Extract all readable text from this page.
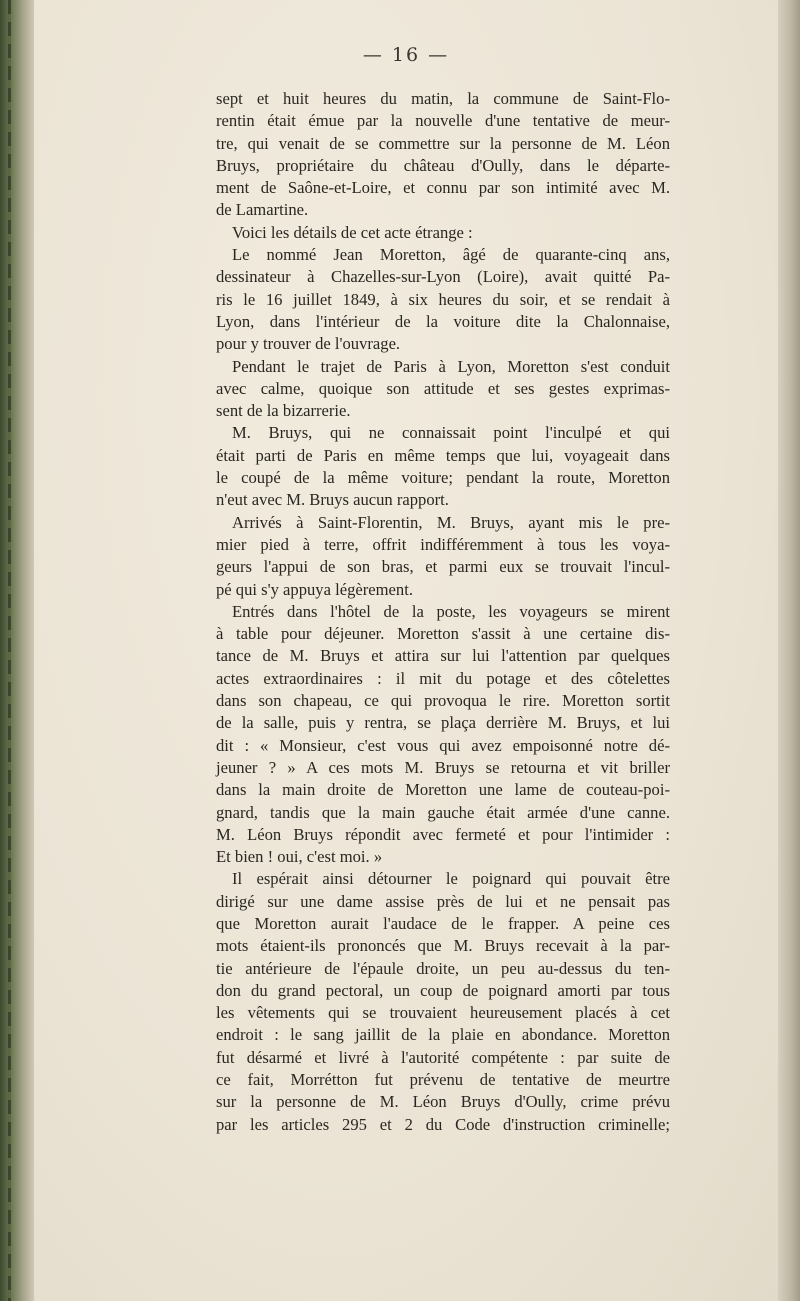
— 16 —
sept et huit heures du matin, la commune de Saint-Flo-
rentin était émue par la nouvelle d'une tentative de meur-
tre, qui venait de se commettre sur la personne de M. Léon
Bruys, propriétaire du château d'Oully, dans le départe-
ment de Saône-et-Loire, et connu par son intimité avec M.
de Lamartine.
Voici les détails de cet acte étrange :
Le nommé Jean Moretton, âgé de quarante-cinq ans,
dessinateur à Chazelles-sur-Lyon (Loire), avait quitté Pa-
ris le 16 juillet 1849, à six heures du soir, et se rendait à
Lyon, dans l'intérieur de la voiture dite la Chalonnaise,
pour y trouver de l'ouvrage.
Pendant le trajet de Paris à Lyon, Moretton s'est conduit
avec calme, quoique son attitude et ses gestes exprimas-
sent de la bizarrerie.
M. Bruys, qui ne connaissait point l'inculpé et qui
était parti de Paris en même temps que lui, voyageait dans
le coupé de la même voiture; pendant la route, Moretton
n'eut avec M. Bruys aucun rapport.
Arrivés à Saint-Florentin, M. Bruys, ayant mis le pre-
mier pied à terre, offrit indifféremment à tous les voya-
geurs l'appui de son bras, et parmi eux se trouvait l'incul-
pé qui s'y appuya légèrement.
Entrés dans l'hôtel de la poste, les voyageurs se mirent
à table pour déjeuner. Moretton s'assit à une certaine dis-
tance de M. Bruys et attira sur lui l'attention par quelques
actes extraordinaires : il mit du potage et des côtelettes
dans son chapeau, ce qui provoqua le rire. Moretton sortit
de la salle, puis y rentra, se plaça derrière M. Bruys, et lui
dit : « Monsieur, c'est vous qui avez empoisonné notre dé-
jeuner ? » A ces mots M. Bruys se retourna et vit briller
dans la main droite de Moretton une lame de couteau-poi-
gnard, tandis que la main gauche était armée d'une canne.
M. Léon Bruys répondit avec fermeté et pour l'intimider :
Et bien ! oui, c'est moi. »
Il espérait ainsi détourner le poignard qui pouvait être
dirigé sur une dame assise près de lui et ne pensait pas
que Moretton aurait l'audace de le frapper. A peine ces
mots étaient-ils prononcés que M. Bruys recevait à la par-
tie antérieure de l'épaule droite, un peu au-dessus du ten-
don du grand pectoral, un coup de poignard amorti par tous
les vêtements qui se trouvaient heureusement placés à cet
endroit : le sang jaillit de la plaie en abondance. Moretton
fut désarmé et livré à l'autorité compétente : par suite de
ce fait, Morrétton fut prévenu de tentative de meurtre
sur la personne de M. Léon Bruys d'Oully, crime prévu
par les articles 295 et 2 du Code d'instruction criminelle;
